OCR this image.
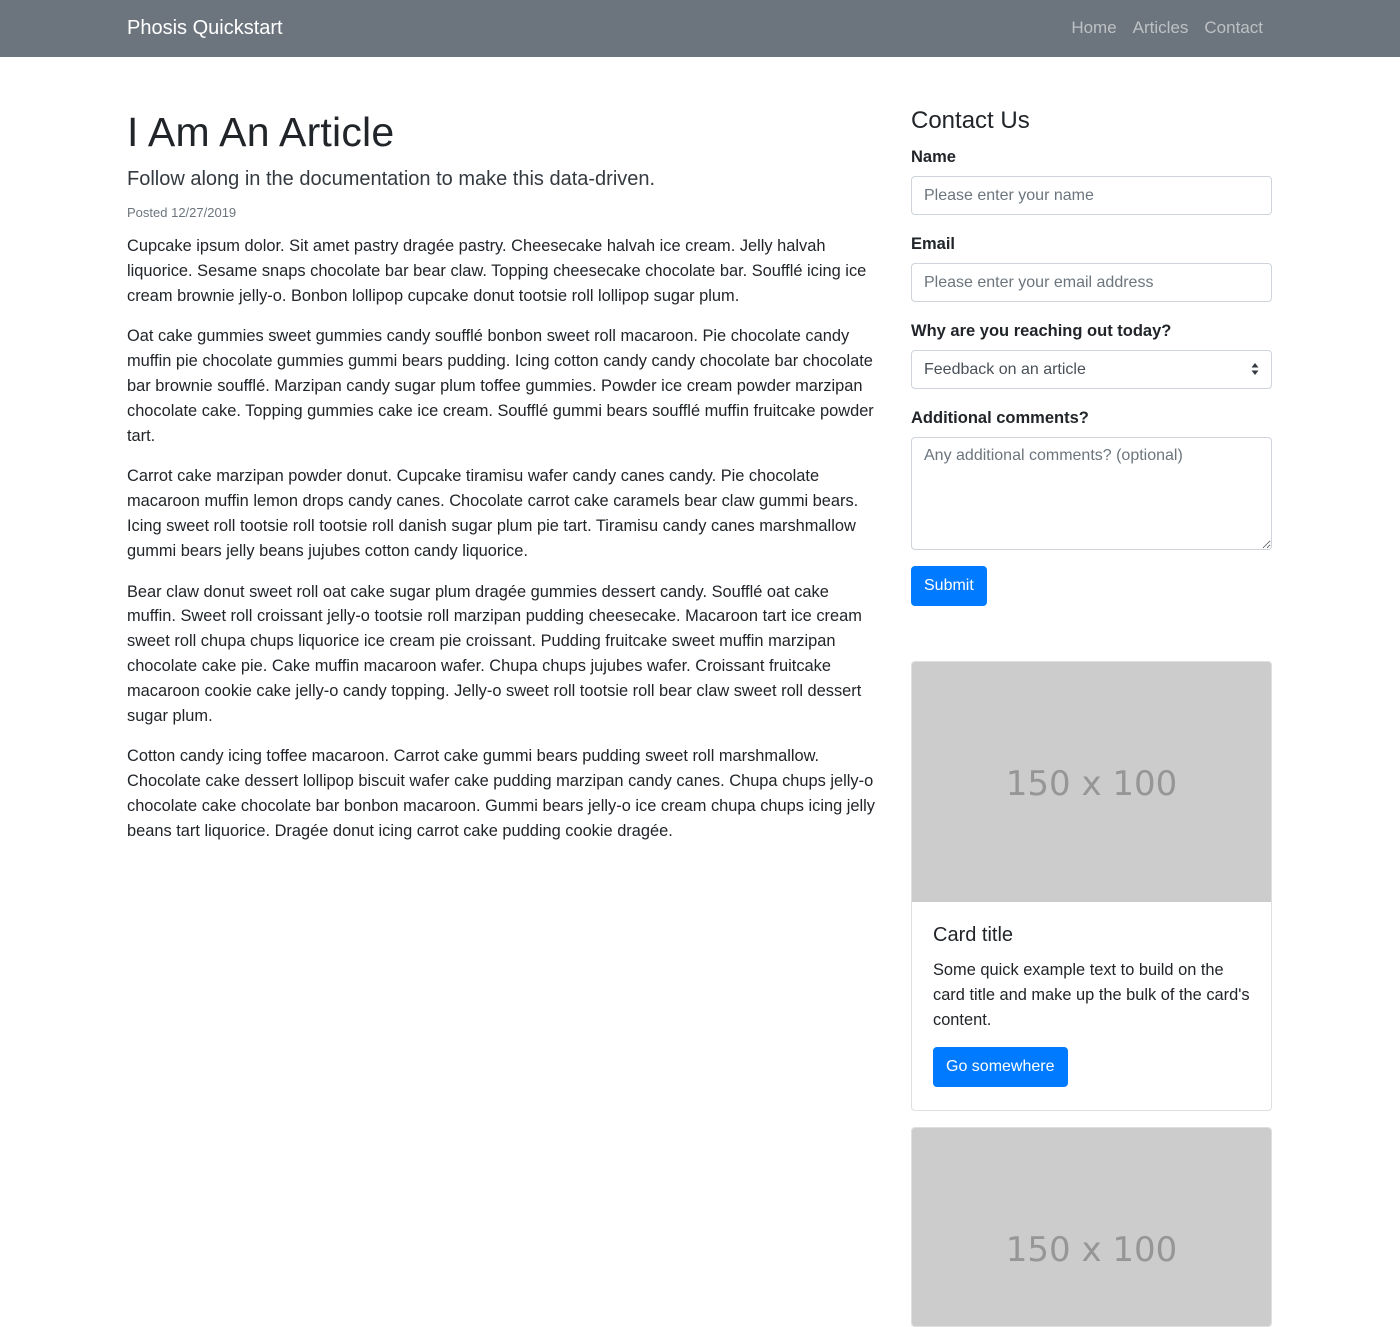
Phosis Quickstart	Home Articles Contact
I Am An Article

Follow along in the documentation to make this data-driven.

Posted 12/27/2019

Cupcake ipsum dolor. Sit amet pastry dragée pastry. Cheesecake halvah ice cream. Jelly halvah liquorice. Sesame snaps chocolate bar bear claw. Topping cheesecake chocolate bar. Soufflé icing ice cream brownie jelly-o. Bonbon lollipop cupcake donut tootsie roll lollipop sugar plum.

Oat cake gummies sweet gummies candy soufflé bonbon sweet roll macaroon. Pie chocolate candy muffin pie chocolate gummies gummi bears pudding. Icing cotton candy candy chocolate bar chocolate bar brownie soufflé. Marzipan candy sugar plum toffee gummies. Powder ice cream powder marzipan chocolate cake. Topping gummies cake ice cream. Soufflé gummi bears soufflé muffin fruitcake powder tart.

Carrot cake marzipan powder donut. Cupcake tiramisu wafer candy canes candy. Pie chocolate macaroon muffin lemon drops candy canes. Chocolate carrot cake caramels bear claw gummi bears. Icing sweet roll tootsie roll tootsie roll danish sugar plum pie tart. Tiramisu candy canes marshmallow gummi bears jelly beans jujubes cotton candy liquorice.

Bear claw donut sweet roll oat cake sugar plum dragée gummies dessert candy. Soufflé oat cake muffin. Sweet roll croissant jelly-o tootsie roll marzipan pudding cheesecake. Macaroon tart ice cream sweet roll chupa chups liquorice ice cream pie croissant. Pudding fruitcake sweet muffin marzipan chocolate cake pie. Cake muffin macaroon wafer. Chupa chups jujubes wafer. Croissant fruitcake macaroon cookie cake jelly-o candy topping. Jelly-o sweet roll tootsie roll bear claw sweet roll dessert sugar plum.

Cotton candy icing toffee macaroon. Carrot cake gummi bears pudding sweet roll marshmallow. Chocolate cake dessert lollipop biscuit wafer cake pudding marzipan candy canes. Chupa chups jelly-o chocolate cake chocolate bar bonbon macaroon. Gummi bears jelly-o ice cream chupa chups icing jelly beans tart liquorice. Dragée donut icing carrot cake pudding cookie dragée.

Contact Us
Name
Please enter your name
Email
Please enter your email address
Why are you reaching out today?
Feedback on an article
Additional comments?
Any additional comments? (optional) Submit
150 x 100
Card title

Some quick example text to build on the card title and make up the bulk of the card's content.

Go somewhere
150 x 100
